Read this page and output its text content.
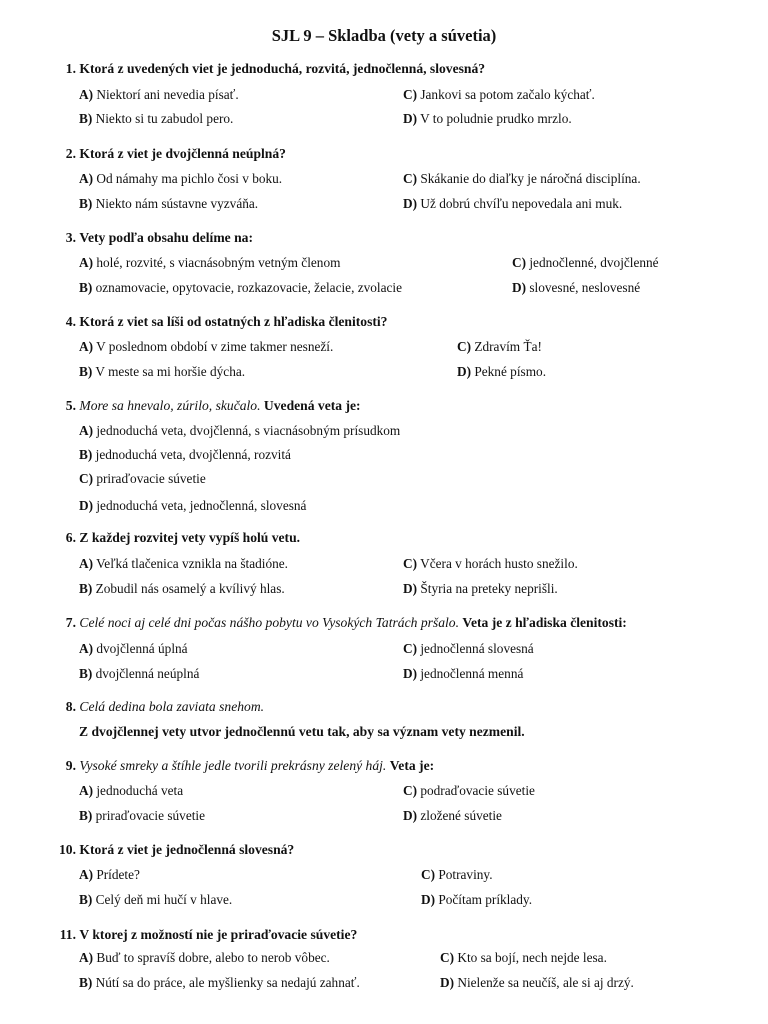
SJL 9 – Skladba (vety a súvetia)
1. Ktorá z uvedených viet je jednoduchá, rozvitá, jednočlenná, slovesná?
A) Niektorí ani nevedia písať.
B) Niekto si tu zabudol pero.
C) Jankovi sa potom začalo kýchať.
D) V to poludnie prudko mrzlo.
2. Ktorá z viet je dvojčlenná neúplná?
A) Od námahy ma pichlo čosi v boku.
B) Niekto nám sústavne vyzváňa.
C) Skákanie do diaľky je náročná disciplína.
D) Už dobrú chvíľu nepovedala ani muk.
3. Vety podľa obsahu delíme na:
A) holé, rozvité, s viacnásobným vetným členom
B) oznamovacie, opytovacie, rozkazovacie, želacie, zvolacie
C) jednočlenné, dvojčlenné
D) slovesné, neslovesné
4. Ktorá z viet sa líši od ostatných z hľadiska členitosti?
A) V poslednom období v zime takmer nesneží.
B) V meste sa mi horšie dýcha.
C) Zdravím Ťa!
D) Pekné písmo.
5. More sa hnevalo, zúrilo, skučalo. Uvedená veta je:
A) jednoduchá veta, dvojčlenná, s viacnásobným prísudkom
B) jednoduchá veta, dvojčlenná, rozvitá
C) priraďovacie súvetie
D) jednoduchá veta, jednočlenná, slovesná
6. Z každej rozvitej vety vypíš holú vetu.
A) Veľká tlačenica vznikla na štadióne.
B) Zobudil nás osamelý a kvílivý hlas.
C) Včera v horách husto snežilo.
D) Štyria na preteky neprišli.
7. Celé noci aj celé dni počas nášho pobytu vo Vysokých Tatrách pršalo. Veta je z hľadiska členitosti:
A) dvojčlenná úplná
B) dvojčlenná neúplná
C) jednočlenná slovesná
D) jednočlenná menná
8. Celá dedina bola zaviata snehom.
Z dvojčlennej vety utvor jednočlennú vetu tak, aby sa význam vety nezmenil.
9. Vysoké smreky a štíhle jedle tvorili prekrásny zelený háj. Veta je:
A) jednoduchá veta
B) priraďovacie súvetie
C) podraďovacie súvetie
D) zložené súvetie
10. Ktorá z viet je jednočlenná slovesná?
A) Prídete?
B) Celý deň mi hučí v hlave.
C) Potraviny.
D) Počítam príklady.
11. V ktorej z možností nie je priraďovacie súvetie?
A) Buď to spravíš dobre, alebo to nerob vôbec.
B) Nútí sa do práce, ale myšlienky sa nedajú zahnať.
C) Kto sa bojí, nech nejde lesa.
D) Nielenže sa neučíš, ale si aj drzý.
